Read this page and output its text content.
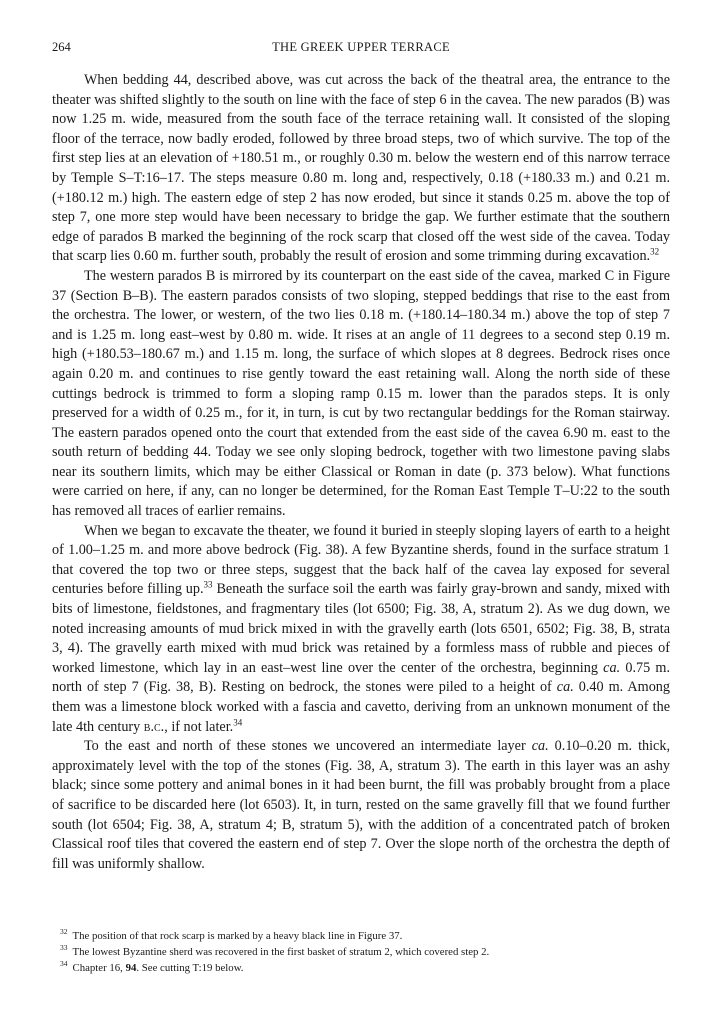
264	THE GREEK UPPER TERRACE

When bedding 44, described above, was cut across the back of the theatral area, the entrance to the theater was shifted slightly to the south on line with the face of step 6 in the cavea. The new parados (B) was now 1.25 m. wide, measured from the south face of the terrace retaining wall. It consisted of the sloping floor of the terrace, now badly eroded, followed by three broad steps, two of which survive. The top of the first step lies at an elevation of +180.51 m., or roughly 0.30 m. below the western end of this narrow terrace by Temple S–T:16–17. The steps measure 0.80 m. long and, respectively, 0.18 (+180.33 m.) and 0.21 m. (+180.12 m.) high. The eastern edge of step 2 has now eroded, but since it stands 0.25 m. above the top of step 7, one more step would have been necessary to bridge the gap. We further estimate that the southern edge of parados B marked the beginning of the rock scarp that closed off the west side of the cavea. Today that scarp lies 0.60 m. further south, probably the result of erosion and some trimming during excavation.$^{32}$

The western parados B is mirrored by its counterpart on the east side of the cavea, marked C in Figure 37 (Section B–B). The eastern parados consists of two sloping, stepped beddings that rise to the east from the orchestra. The lower, or western, of the two lies 0.18 m. (+180.14–180.34 m.) above the top of step 7 and is 1.25 m. long east–west by 0.80 m. wide. It rises at an angle of 11 degrees to a second step 0.19 m. high (+180.53–180.67 m.) and 1.15 m. long, the surface of which slopes at 8 degrees. Bedrock rises once again 0.20 m. and continues to rise gently toward the east retaining wall. Along the north side of these cuttings bedrock is trimmed to form a sloping ramp 0.15 m. lower than the parados steps. It is only preserved for a width of 0.25 m., for it, in turn, is cut by two rectangular beddings for the Roman stairway. The eastern parados opened onto the court that extended from the east side of the cavea 6.90 m. east to the south return of bedding 44. Today we see only sloping bedrock, together with two limestone paving slabs near its southern limits, which may be either Classical or Roman in date (p. 373 below). What functions were carried on here, if any, can no longer be determined, for the Roman East Temple T–U:22 to the south has removed all traces of earlier remains.

When we began to excavate the theater, we found it buried in steeply sloping layers of earth to a height of 1.00–1.25 m. and more above bedrock (Fig. 38). A few Byzantine sherds, found in the surface stratum 1 that covered the top two or three steps, suggest that the back half of the cavea lay exposed for several centuries before filling up.$^{33}$ Beneath the surface soil the earth was fairly gray-brown and sandy, mixed with bits of limestone, fieldstones, and fragmentary tiles (lot 6500; Fig. 38, A, stratum 2). As we dug down, we noted increasing amounts of mud brick mixed in with the gravelly earth (lots 6501, 6502; Fig. 38, B, strata 3, 4). The gravelly earth mixed with mud brick was retained by a formless mass of rubble and pieces of worked limestone, which lay in an east–west line over the center of the orchestra, beginning ca. 0.75 m. north of step 7 (Fig. 38, B). Resting on bedrock, the stones were piled to a height of ca. 0.40 m. Among them was a limestone block worked with a fascia and cavetto, deriving from an unknown monument of the late 4th century b.c., if not later.$^{34}$

To the east and north of these stones we uncovered an intermediate layer ca. 0.10–0.20 m. thick, approximately level with the top of the stones (Fig. 38, A, stratum 3). The earth in this layer was an ashy black; since some pottery and animal bones in it had been burnt, the fill was probably brought from a place of sacrifice to be discarded here (lot 6503). It, in turn, rested on the same gravelly fill that we found further south (lot 6504; Fig. 38, A, stratum 4; B, stratum 5), with the addition of a concentrated patch of broken Classical roof tiles that covered the eastern end of step 7. Over the slope north of the orchestra the depth of fill was uniformly shallow.

$^{32}$ The position of that rock scarp is marked by a heavy black line in Figure 37.

$^{33}$ The lowest Byzantine sherd was recovered in the first basket of stratum 2, which covered step 2.

$^{34}$ Chapter 16, 94. See cutting T:19 below.
